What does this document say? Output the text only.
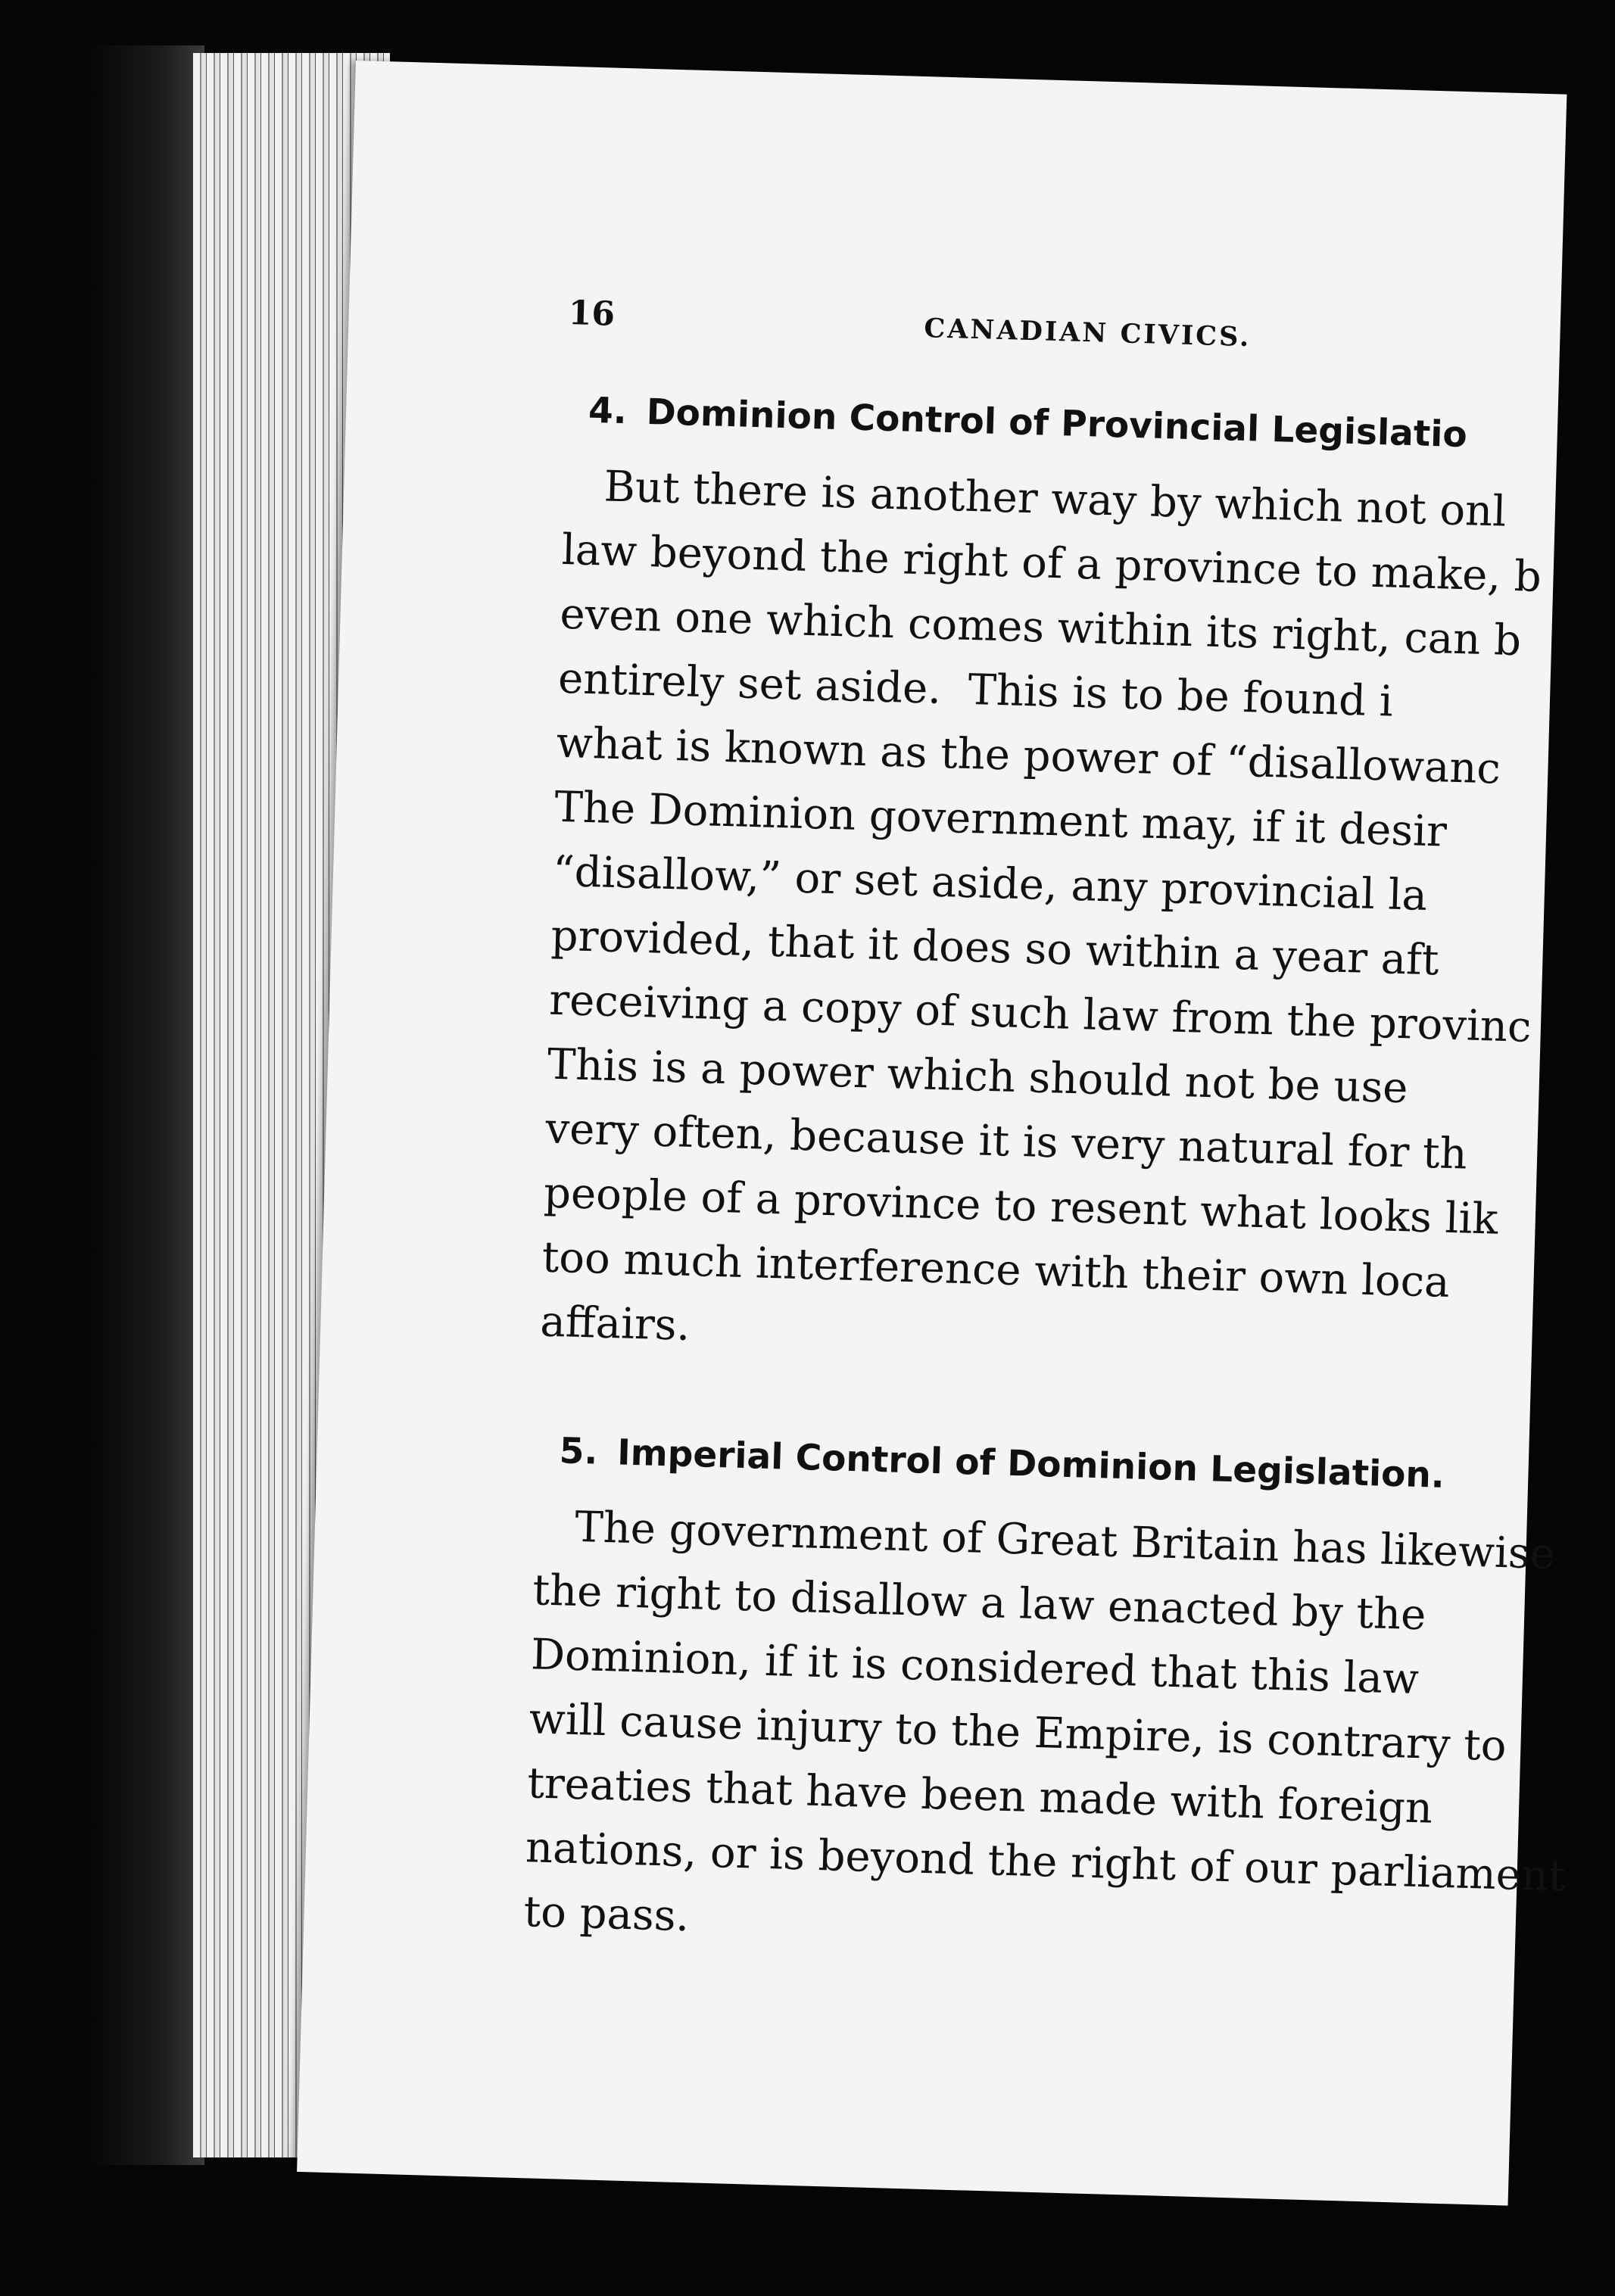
16	CANADIAN CIVICS.
4. Dominion Control of Provincial Legislatio
But there is another way by which not onl
law beyond the right of a province to make, b
even one which comes within its right, can b
entirely set aside.  This is to be found i
what is known as the power of “disallowanc
The Dominion government may, if it desir
“disallow,” or set aside, any provincial la
provided, that it does so within a year aft
receiving a copy of such law from the provinc
This is a power which should not be use
very often, because it is very natural for th
people of a province to resent what looks lik
too much interference with their own loca
affairs.
5. Imperial Control of Dominion Legislation.
The government of Great Britain has likewise
the right to disallow a law enacted by the
Dominion, if it is considered that this law
will cause injury to the Empire, is contrary to
treaties that have been made with foreign
nations, or is beyond the right of our parliament
to pass.
